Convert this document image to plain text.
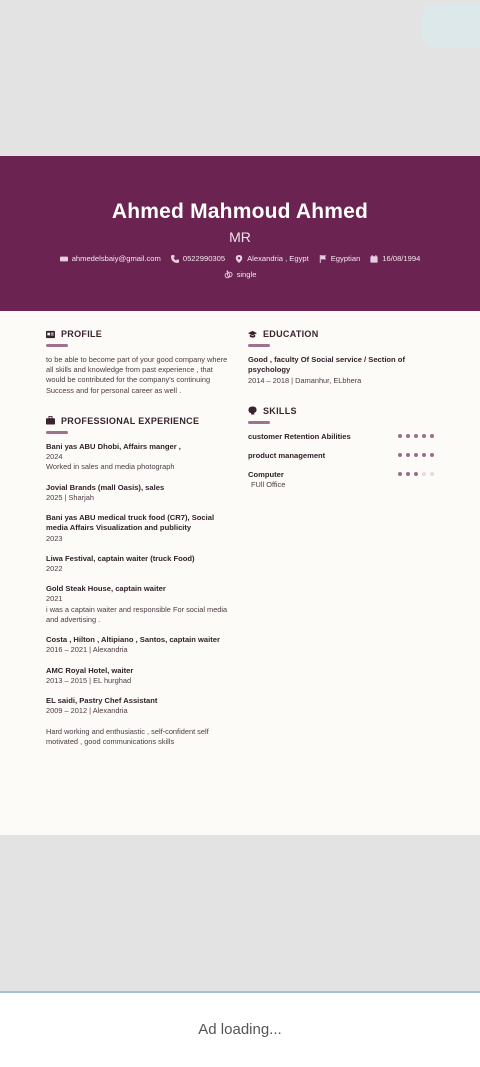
Ahmed Mahmoud Ahmed
MR
ahmedelsbaiy@gmail.com	0522990305	Alexandria , Egypt	Egyptian	16/08/1994
single
PROFILE
to be able to become part of your good company where all skills and knowledge from past experience , that would be contributed for the company's continuing Success and for personal career as well .
PROFESSIONAL EXPERIENCE
Bani yas ABU Dhobi, Affairs manger ,
2024
Worked in sales and media photograph
Jovial Brands (mall Oasis), sales
2025 | Sharjah
Bani yas ABU medical truck food (CR7), Social media Affairs Visualization and publicity
2023
Liwa Festival, captain waiter (truck Food)
2022
Gold Steak House, captain waiter
2021
i was a captain waiter and responsible For social media and advertising .
Costa , Hilton , Altipiano , Santos, captain waiter
2016 – 2021 | Alexandria
AMC Royal Hotel, waiter
2013 – 2015 | EL hurghad
EL saidi, Pastry Chef Assistant
2009 – 2012 | Alexandria
Hard working and enthusiastic , self-confident self motivated , good communications skills
EDUCATION
Good , faculty Of Social service / Section of psychology
2014 – 2018 | Damanhur, ELbhera
SKILLS
customer Retention Abilities
product management
Computer
FUll Office
Ad loading...
